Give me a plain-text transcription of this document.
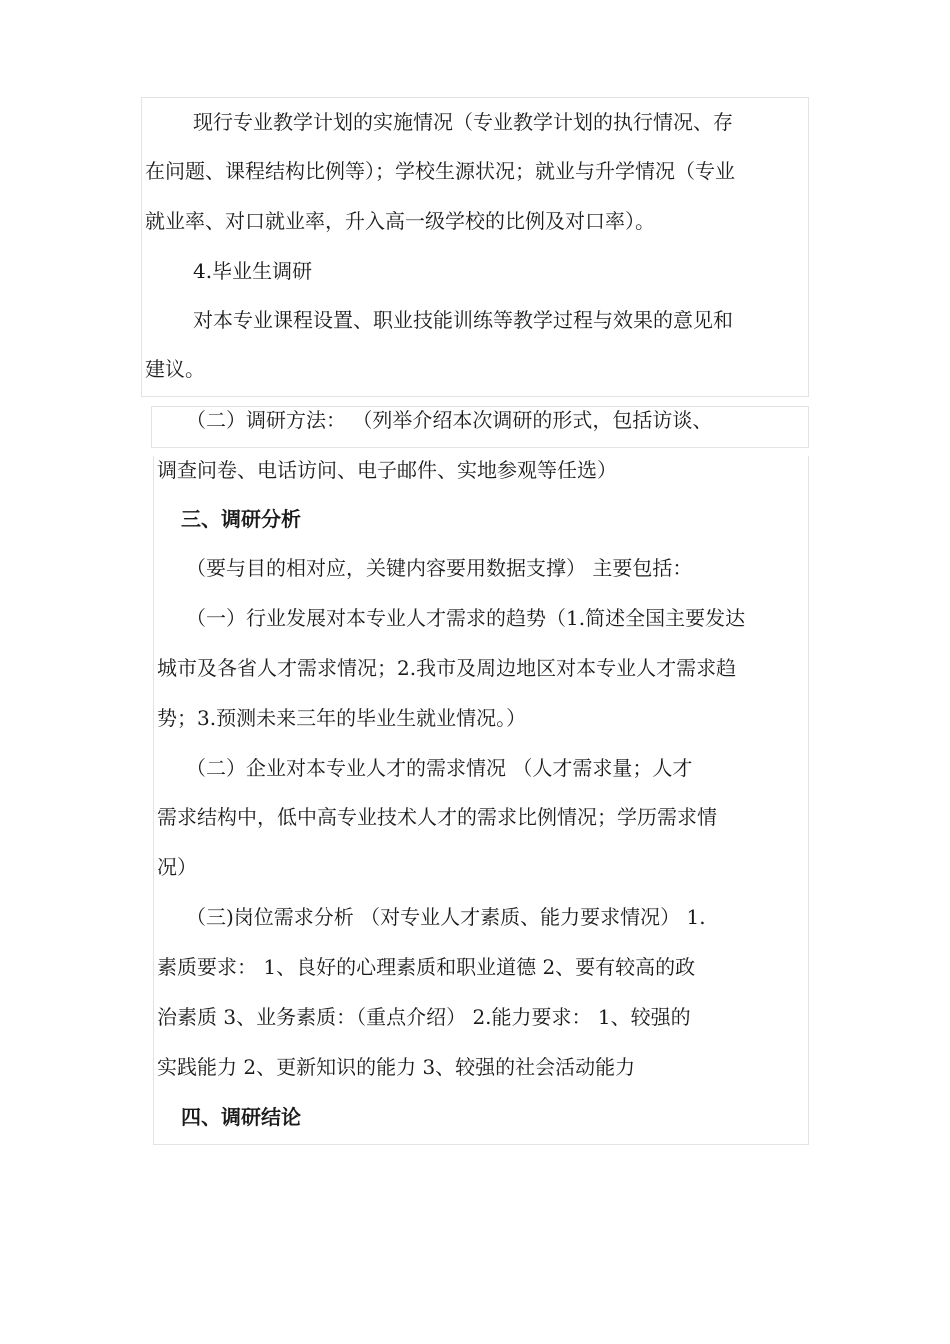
现行专业教学计划的实施情况（专业教学计划的执行情况、存
在问题、课程结构比例等）；学校生源状况；就业与升学情况（专业
就业率、对口就业率，升入高一级学校的比例及对口率）。
4.毕业生调研
对本专业课程设置、职业技能训练等教学过程与效果的意见和
建议。
（二）调研方法： （列举介绍本次调研的形式，包括访谈、
调查问卷、电话访问、电子邮件、实地参观等任选）
三、调研分析
（要与目的相对应，关键内容要用数据支撑） 主要包括：
（一）行业发展对本专业人才需求的趋势（1.简述全国主要发达
城市及各省人才需求情况；2.我市及周边地区对本专业人才需求趋
势；3.预测未来三年的毕业生就业情况。）
（二）企业对本专业人才的需求情况 （人才需求量；人才
需求结构中，低中高专业技术人才的需求比例情况；学历需求情
况）
（三)岗位需求分析 （对专业人才素质、能力要求情况） 1.
素质要求： 1、良好的心理素质和职业道德 2、要有较高的政
治素质 3、业务素质：（重点介绍） 2.能力要求： 1、较强的
实践能力 2、更新知识的能力 3、较强的社会活动能力
四、调研结论
